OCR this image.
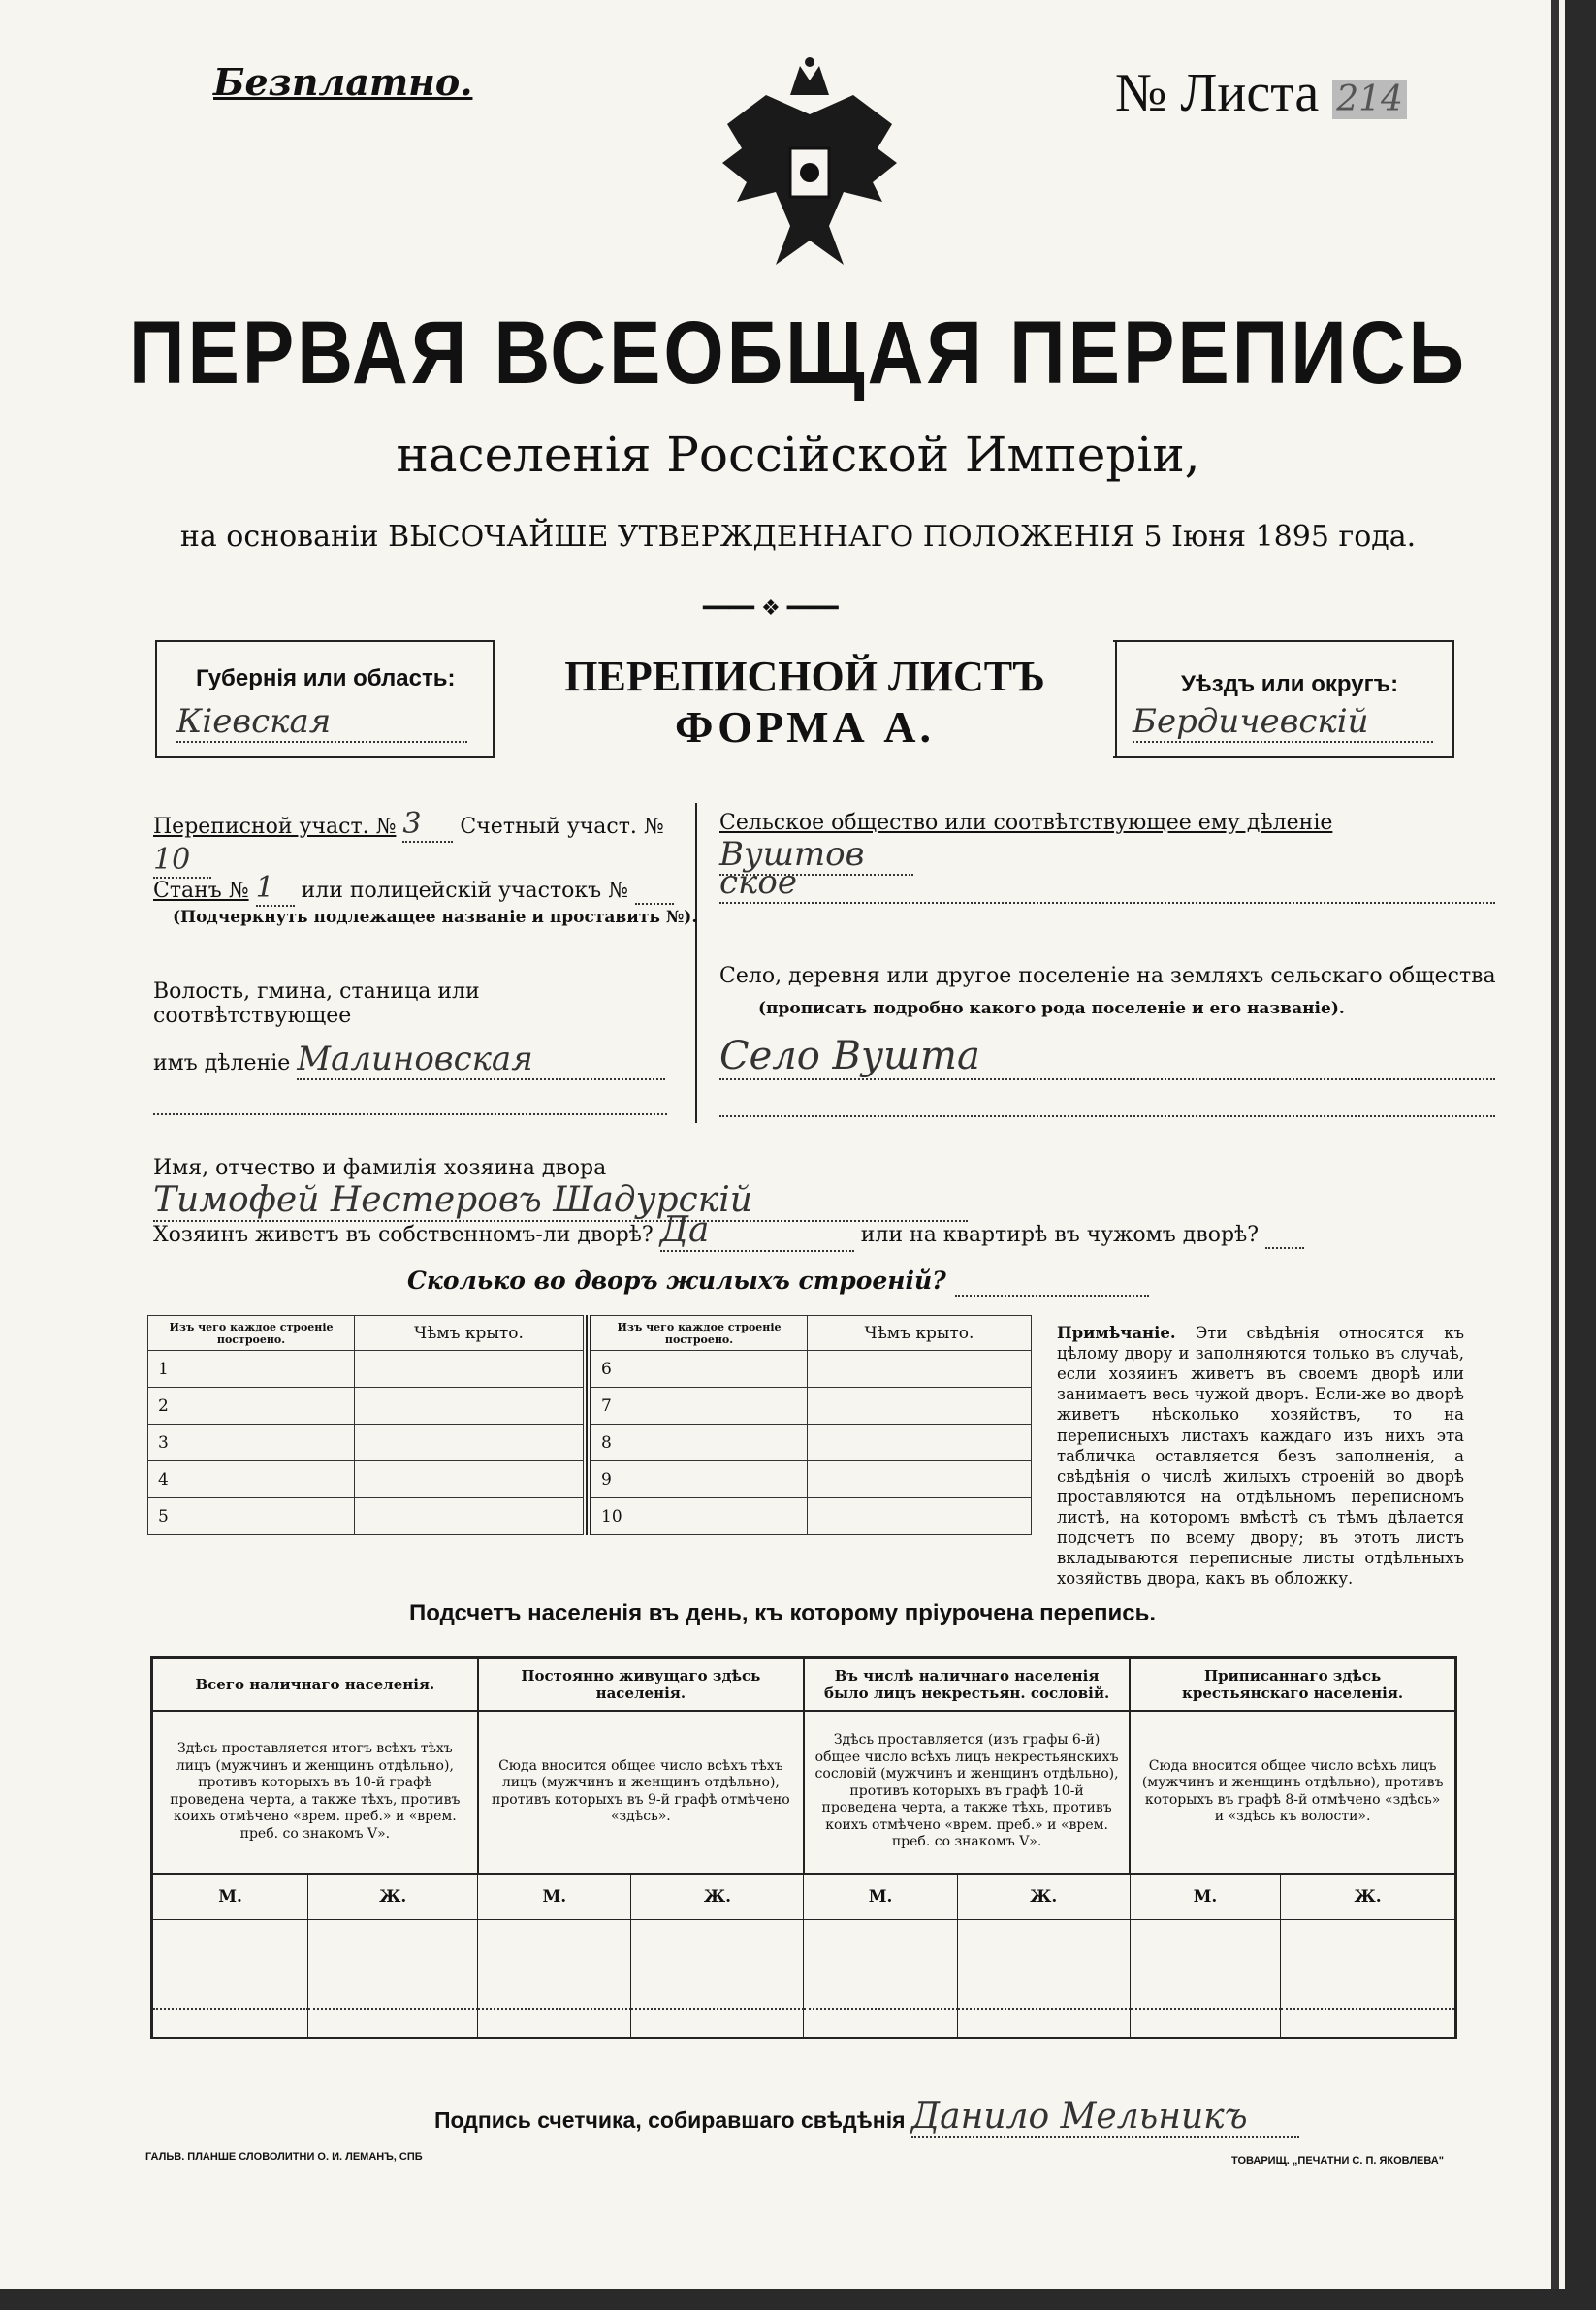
Безплатно.	№ Листа 214
ПЕРВАЯ ВСЕОБЩАЯ ПЕРЕПИСЬ
населенія Россійской Имперіи,
на основаніи ВЫСОЧАЙШЕ УТВЕРЖДЕННАГО ПОЛОЖЕНІЯ 5 Іюня 1895 года.
━━━━ ❖ ━━━━
Губернія или область:
Кіевская
ПЕРЕПИСНОЙ ЛИСТЪ
ФОРМА А.
Уѣздъ или округъ:
Бердичевскій
Переписной участ. № 3 Счетный участ. № 10
Станъ № 1 или полицейскій участокъ №
(Подчеркнуть подлежащее названіе и проставить №).
Волость, гмина, станица или соотвѣтствующее
имъ дѣленіе Малиновская
Сельское общество или соотвѣтствующее ему дѣленіе Вуштов
ское
Село, деревня или другое поселеніе на земляхъ сельскаго общества
(прописать подробно какого рода поселеніе и его названіе).
Село Вушта
Имя, отчество и фамилія хозяина двора Тимофей Нестеровъ Шадурскій
Хозяинъ живетъ въ собственномъ-ли дворѣ? Да	или на квартирѣ въ чужомъ дворѣ?
Сколько во дворъ жилыхъ строеній?
Изъ чего каждое строеніе построено.	Чѣмъ крыто.
1	
2	
3	
4	
5	
Изъ чего каждое строеніе построено.	Чѣмъ крыто.
6	
7	
8	
9	
10	
Примѣчаніе. Эти свѣдѣнія относятся къ цѣлому двору и заполняются только въ случаѣ, если хозяинъ живетъ въ своемъ дворѣ или занимаетъ весь чужой дворъ. Если-же во дворѣ живетъ нѣсколько хозяйствъ, то на переписныхъ листахъ каждаго изъ нихъ эта табличка оставляется безъ заполненія, а свѣдѣнія о числѣ жилыхъ строеній во дворѣ проставляются на отдѣльномъ переписномъ листѣ, на которомъ вмѣстѣ съ тѣмъ дѣлается подсчетъ по всему двору; въ этотъ листъ вкладываются переписные листы отдѣльныхъ хозяйствъ двора, какъ въ обложку.
Подсчетъ населенія въ день, къ которому пріурочена перепись.
Всего наличнаго населенія.		Постоянно живущаго здѣсь населенія.		Въ числѣ наличнаго населенія было лицъ некрестьян. сословій.		Приписаннаго здѣсь крестьянскаго населенія.	
Здѣсь проставляется итогъ всѣхъ тѣхъ лицъ (мужчинъ и женщинъ отдѣльно), противъ которыхъ въ 10-й графѣ проведена черта, а также тѣхъ, противъ коихъ отмѣчено «врем. преб.» и «врем. преб. со знакомъ V».		Сюда вносится общее число всѣхъ тѣхъ лицъ (мужчинъ и женщинъ отдѣльно), противъ которыхъ въ 9-й графѣ отмѣчено «здѣсь».		Здѣсь проставляется (изъ графы 6-й) общее число всѣхъ лицъ некрестьянскихъ сословій (мужчинъ и женщинъ отдѣльно), противъ которыхъ въ графѣ 10-й проведена черта, а также тѣхъ, противъ коихъ отмѣчено «врем. преб.» и «врем. преб. со знакомъ V».		Сюда вносится общее число всѣхъ лицъ (мужчинъ и женщинъ отдѣльно), противъ которыхъ въ графѣ 8-й отмѣчено «здѣсь» и «здѣсь къ волости».	
М.	Ж.	М.	Ж.	М.	Ж.	М.	Ж.

Подпись счетчика, собиравшаго свѣдѣнія Данило Мельникъ
ГАЛЬВ. ПЛАНШЕ СЛОВОЛИТНИ О. И. ЛЕМАНЪ, СПБ	ТОВАРИЩ. „ПЕЧАТНИ С. П. ЯКОВЛЕВА"
